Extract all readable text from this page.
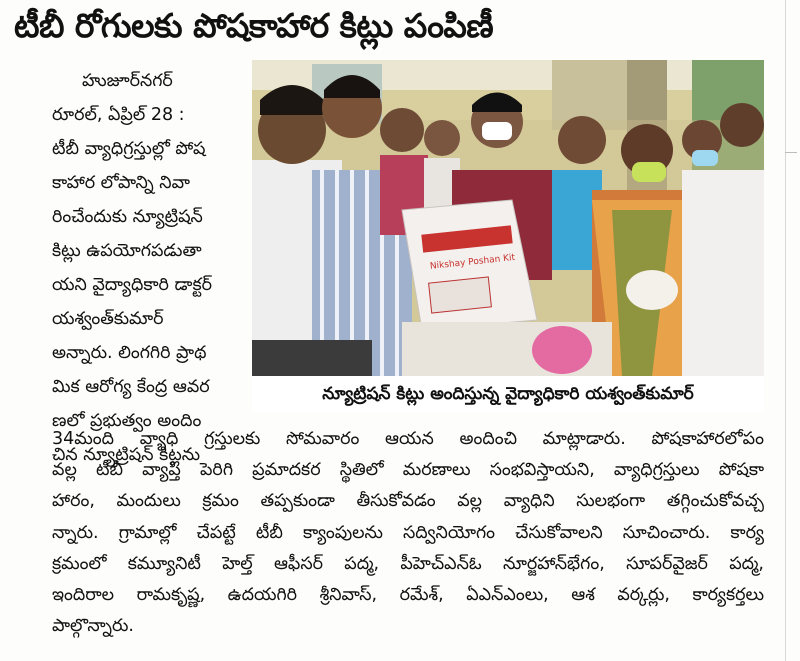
టీబీ రోగులకు పోషకాహార కిట్లు పంపిణీ
హుజూర్‌నగర్
రూరల్, ఏప్రిల్ 28 :
టీబీ వ్యాధిగ్రస్తుల్లో పోష
కాహార లోపాన్ని నివా
రించేందుకు న్యూట్రిషన్
కిట్లు ఉపయోగపడుతా
యని వైద్యాధికారి డాక్టర్
యశ్వంత్‌కుమార్
అన్నారు. లింగగిరి ప్రాథ
మిక ఆరోగ్య కేంద్ర ఆవర
ణలో ప్రభుత్వం అందిం
చిన న్యూట్రిషన్ కిట్లను
Nikshay Poshan Kit
న్యూట్రిషన్ కిట్లు అందిస్తున్న వైద్యాధికారి యశ్వంత్‌కుమార్
34మంది వ్యాధి గ్రస్తులకు సోమవారం ఆయన అందించి మాట్లాడారు. పోషకాహారలోపం
వల్ల టీబీ వ్యాప్తి పెరిగి ప్రమాదకర స్థితిలో మరణాలు సంభవిస్తాయని, వ్యాధిగ్రస్తులు పోషకా
హారం, మందులు క్రమం తప్పకుండా తీసుకోవడం వల్ల వ్యాధిని సులభంగా తగ్గించుకోవచ్చ
న్నారు. గ్రామాల్లో చేపట్టే టీబీ క్యాంపులను సద్వినియోగం చేసుకోవాలని సూచించారు. కార్య
క్రమంలో కమ్యూనిటీ హెల్త్ ఆఫీసర్ పద్మ, పీహెచ్ఎన్ఓ నూర్జహాన్‌భేగం, సూపర్‌వైజర్ పద్మ,
ఇందిరాల రామకృష్ణ, ఉదయగిరి శ్రీనివాస్, రమేశ్, ఏఎన్ఎంలు, ఆశ వర్కర్లు, కార్యకర్తలు
పాల్గొన్నారు.
